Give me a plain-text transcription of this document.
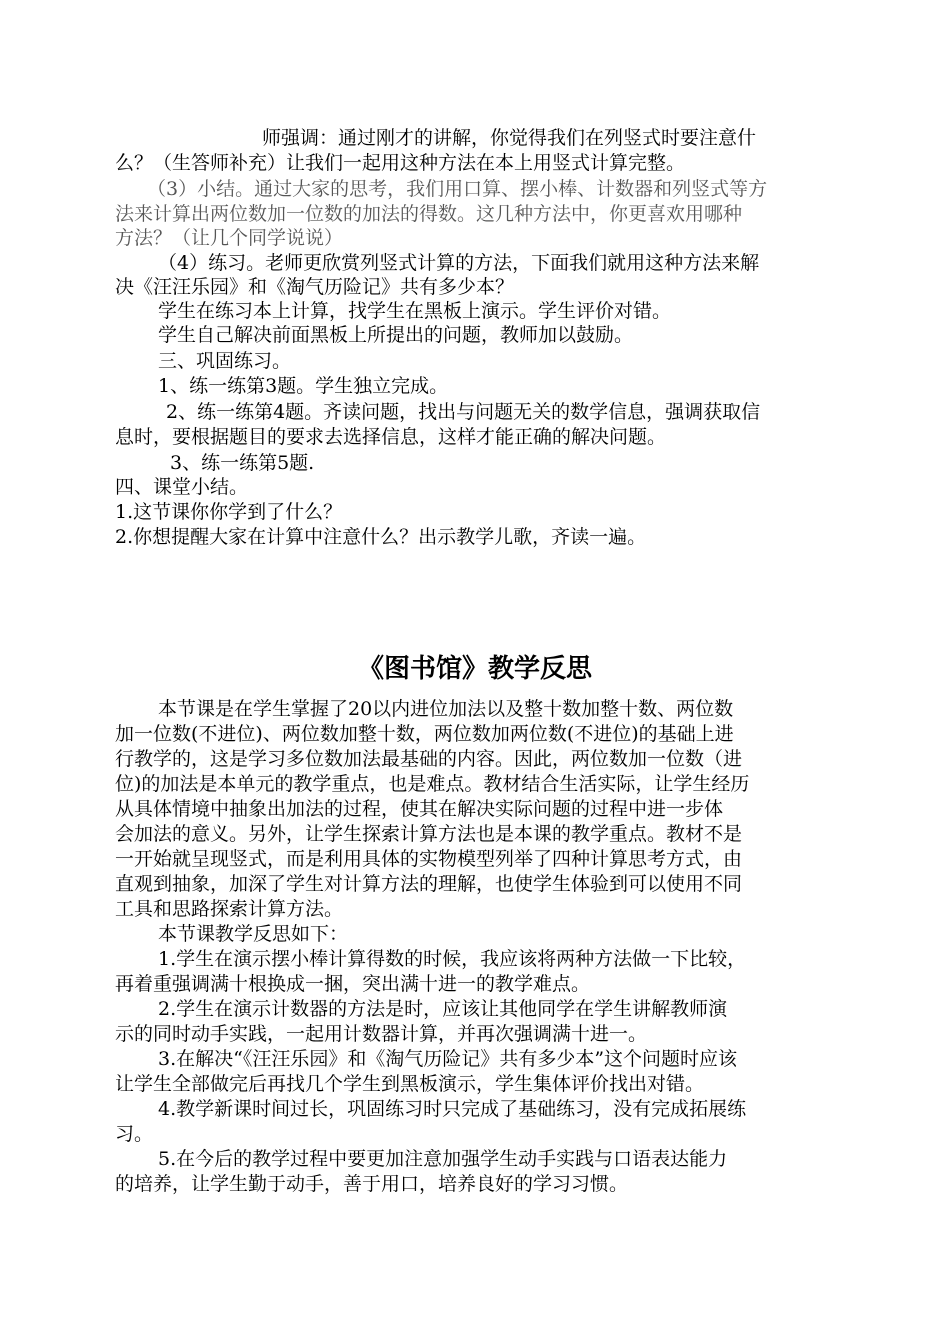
师强调：通过刚才的讲解，你觉得我们在列竖式时要注意什

么？（生答师补充）让我们一起用这种方法在本上用竖式计算完整。

（3）小结。通过大家的思考，我们用口算、摆小棒、计数器和列竖式等方

法来计算出两位数加一位数的加法的得数。这几种方法中，你更喜欢用哪种

方法？（让几个同学说说）

（4）练习。老师更欣赏列竖式计算的方法，下面我们就用这种方法来解

决《汪汪乐园》和《淘气历险记》共有多少本？

学生在练习本上计算，找学生在黑板上演示。学生评价对错。

学生自己解决前面黑板上所提出的问题，教师加以鼓励。

三、巩固练习。

1、练一练第3题。学生独立完成。

2、练一练第4题。齐读问题，找出与问题无关的数学信息，强调获取信

息时，要根据题目的要求去选择信息，这样才能正确的解决问题。

3、练一练第5题.

四、课堂小结。

1.这节课你你学到了什么？

2.你想提醒大家在计算中注意什么？出示教学儿歌，齐读一遍。

《图书馆》教学反思

本节课是在学生掌握了20以内进位加法以及整十数加整十数、两位数

加一位数(不进位)、两位数加整十数，两位数加两位数(不进位)的基础上进

行教学的，这是学习多位数加法最基础的内容。因此，两位数加一位数（进

位)的加法是本单元的教学重点，也是难点。教材结合生活实际，让学生经历

从具体情境中抽象出加法的过程，使其在解决实际问题的过程中进一步体

会加法的意义。另外，让学生探索计算方法也是本课的教学重点。教材不是

一开始就呈现竖式，而是利用具体的实物模型列举了四种计算思考方式，由

直观到抽象，加深了学生对计算方法的理解，也使学生体验到可以使用不同

工具和思路探索计算方法。

本节课教学反思如下：

1.学生在演示摆小棒计算得数的时候，我应该将两种方法做一下比较，

再着重强调满十根换成一捆，突出满十进一的教学难点。

2.学生在演示计数器的方法是时，应该让其他同学在学生讲解教师演

示的同时动手实践，一起用计数器计算，并再次强调满十进一。

3.在解决“《汪汪乐园》和《淘气历险记》共有多少本”这个问题时应该

让学生全部做完后再找几个学生到黑板演示，学生集体评价找出对错。

4.教学新课时间过长，巩固练习时只完成了基础练习，没有完成拓展练

习。

5.在今后的教学过程中要更加注意加强学生动手实践与口语表达能力

的培养，让学生勤于动手，善于用口，培养良好的学习习惯。
